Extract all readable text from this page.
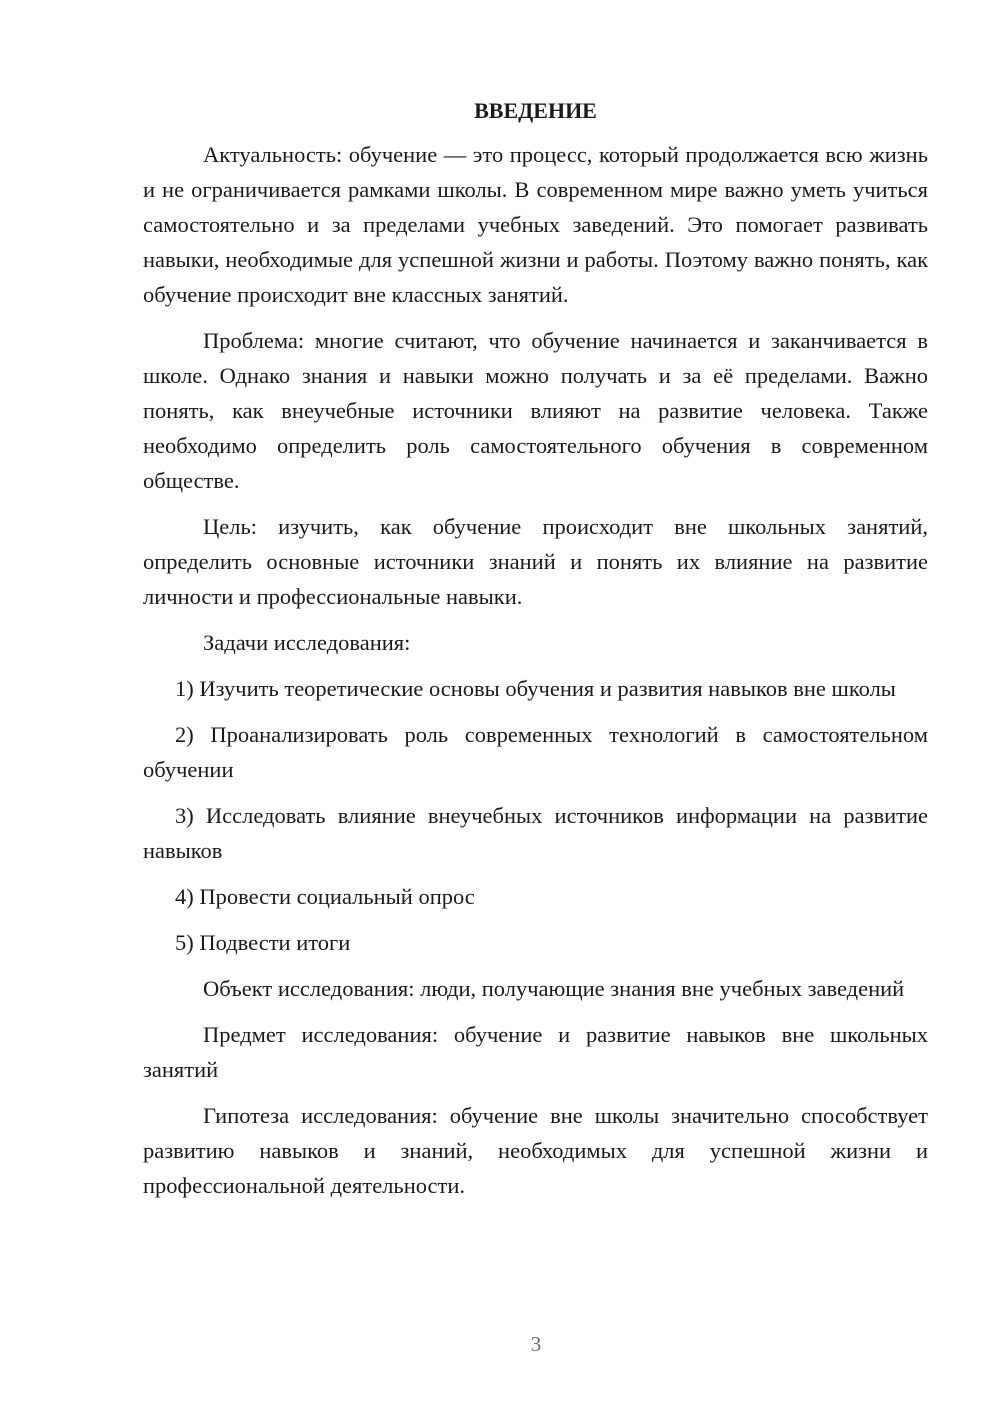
ВВЕДЕНИЕ

Актуальность: обучение — это процесс, который продолжается всю жизнь и не ограничивается рамками школы. В современном мире важно уметь учиться самостоятельно и за пределами учебных заведений. Это помогает развивать навыки, необходимые для успешной жизни и работы. Поэтому важно понять, как обучение происходит вне классных занятий.

Проблема: многие считают, что обучение начинается и заканчивается в школе. Однако знания и навыки можно получать и за её пределами. Важно понять, как внеучебные источники влияют на развитие человека. Также необходимо определить роль самостоятельного обучения в современном обществе.

Цель: изучить, как обучение происходит вне школьных занятий, определить основные источники знаний и понять их влияние на развитие личности и профессиональные навыки.

Задачи исследования:

1) Изучить теоретические основы обучения и развития навыков вне школы

2) Проанализировать роль современных технологий в самостоятельном обучении

3) Исследовать влияние внеучебных источников информации на развитие навыков

4) Провести социальный опрос

5) Подвести итоги

Объект исследования: люди, получающие знания вне учебных заведений

Предмет исследования: обучение и развитие навыков вне школьных занятий

Гипотеза исследования: обучение вне школы значительно способствует развитию навыков и знаний, необходимых для успешной жизни и профессиональной деятельности.

3
